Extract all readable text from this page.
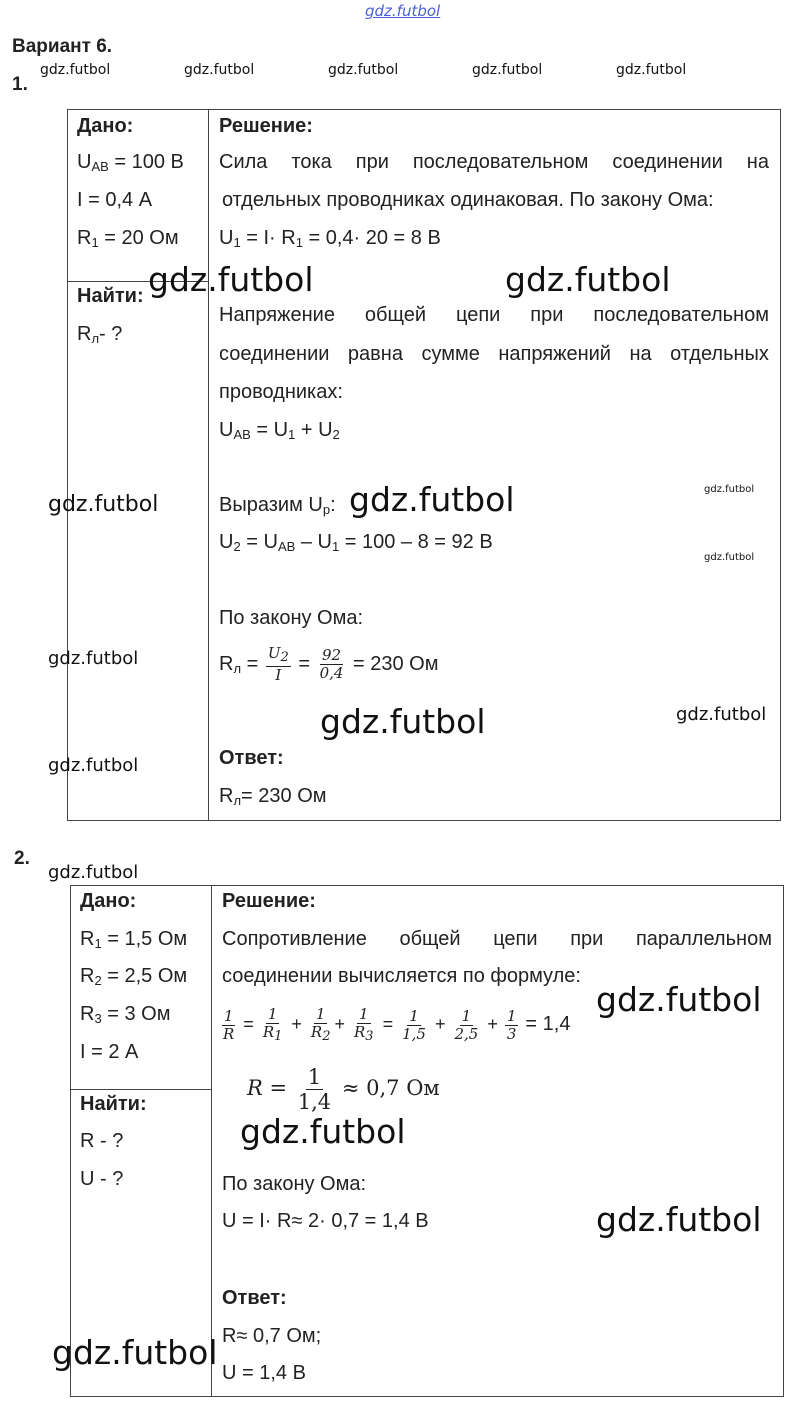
gdz.futbol
Вариант 6.
1.
gdz.futbol	gdz.futbol	gdz.futbol	gdz.futbol	gdz.futbol
Дано:
$U_{AB} = 100$ В
I = 0,4 А
$R_1 = 20$ Ом
Найти:
$R_л-$ ?
Решение:
Сила тока при последовательном соединении на
отдельных проводниках одинаковая. По закону Ома:
$U_1 = I\cdot R_1 = 0,4\cdot 20 = 8$ В
Напряжение общей цепи при последовательном
соединении равна сумме напряжений на отдельных
проводниках:
$U_{AB} = U_1 + U_2$
Выразим $U_р$:
$U_2 = U_{AB} - U_1 = 100 - 8 = 92$ В
По закону Ома:
$R_л = \frac{U_2}{I} = \frac{92}{0,4} = 230$ Ом
Ответ:
$R_л= 230$ Ом
gdz.futbol	gdz.futbol
gdz.futbol	gdz.futbol	gdz.futbol
gdz.futbol
gdz.futbol
gdz.futbol	gdz.futbol
gdz.futbol
2.
gdz.futbol
Дано:
$R_1 = 1,5$ Ом
$R_2 = 2,5$ Ом
$R_3 = 3$ Ом
I = 2 А
Найти:
R - ?
U - ?
Решение:
Сопротивление общей цепи при параллельном
соединении вычисляется по формуле:
$\frac{1}{R} = \frac{1}{R_1} + \frac{1}{R_2} + \frac{1}{R_3} = \frac{1}{1,5} + \frac{1}{2,5} + \frac{1}{3} = 1,4$
$R = \frac{1}{1,4} \approx 0,7$ Ом
По закону Ома:
U = I· R≈ 2· 0,7 = 1,4 В
Ответ:
R≈ 0,7 Ом;
U = 1,4 В
gdz.futbol
gdz.futbol
gdz.futbol
gdz.futbol
